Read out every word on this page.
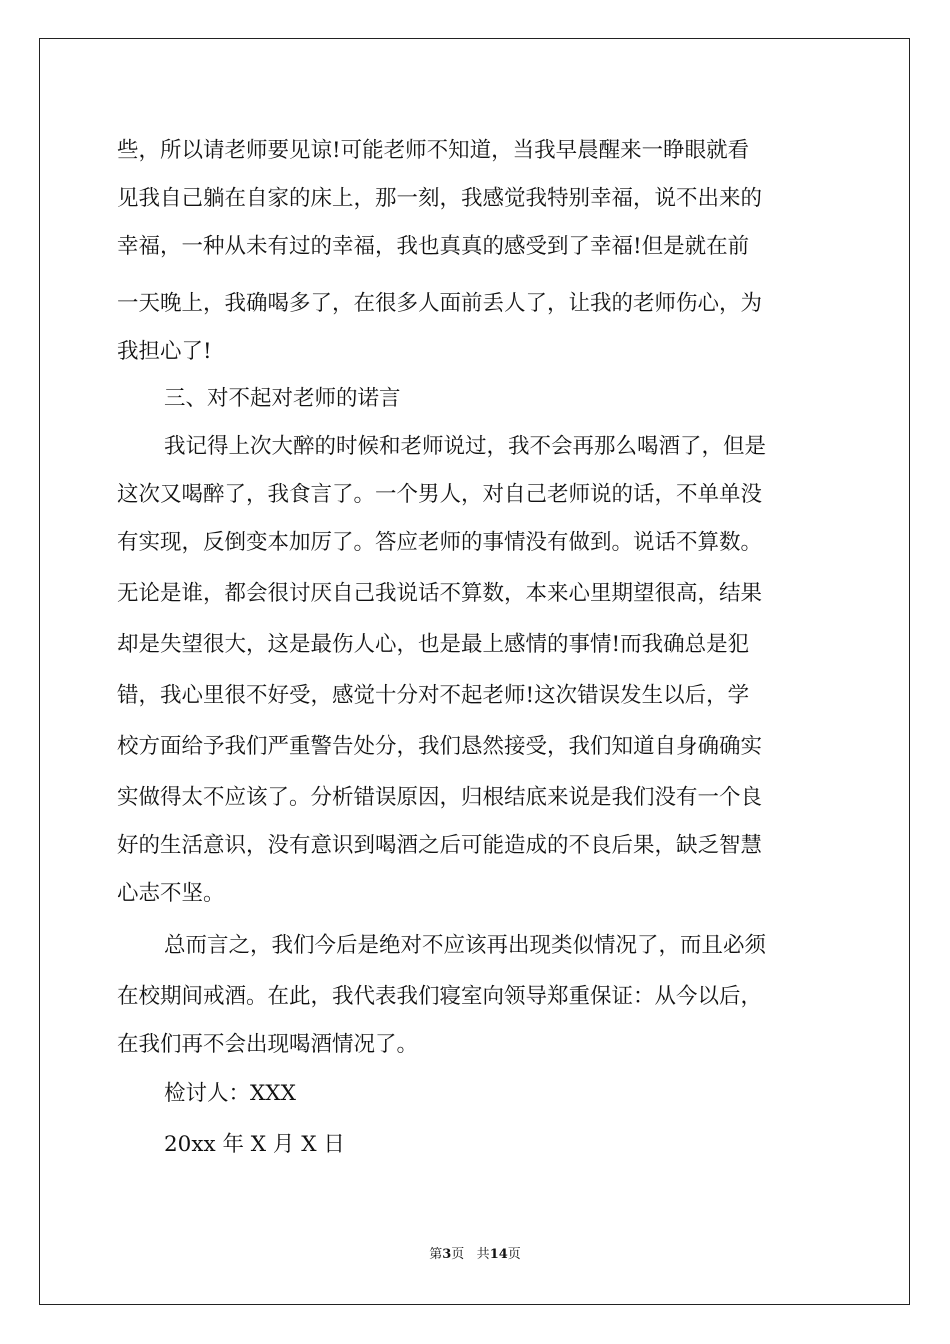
些，所以请老师要见谅!可能老师不知道，当我早晨醒来一睁眼就看
见我自己躺在自家的床上，那一刻，我感觉我特别幸福，说不出来的
幸福，一种从未有过的幸福，我也真真的感受到了幸福!但是就在前
一天晚上，我确喝多了，在很多人面前丢人了，让我的老师伤心，为
我担心了!
三、对不起对老师的诺言
我记得上次大醉的时候和老师说过，我不会再那么喝酒了，但是
这次又喝醉了，我食言了。一个男人，对自己老师说的话，不单单没
有实现，反倒变本加厉了。答应老师的事情没有做到。说话不算数。
无论是谁，都会很讨厌自己我说话不算数，本来心里期望很高，结果
却是失望很大，这是最伤人心，也是最上感情的事情!而我确总是犯
错，我心里很不好受，感觉十分对不起老师!这次错误发生以后，学
校方面给予我们严重警告处分，我们恳然接受，我们知道自身确确实
实做得太不应该了。分析错误原因，归根结底来说是我们没有一个良
好的生活意识，没有意识到喝酒之后可能造成的不良后果，缺乏智慧
心志不坚。
总而言之，我们今后是绝对不应该再出现类似情况了，而且必须
在校期间戒酒。在此，我代表我们寝室向领导郑重保证：从今以后，
在我们再不会出现喝酒情况了。
检讨人：XXX
20xx 年 X 月 X 日
第3页 共14页
